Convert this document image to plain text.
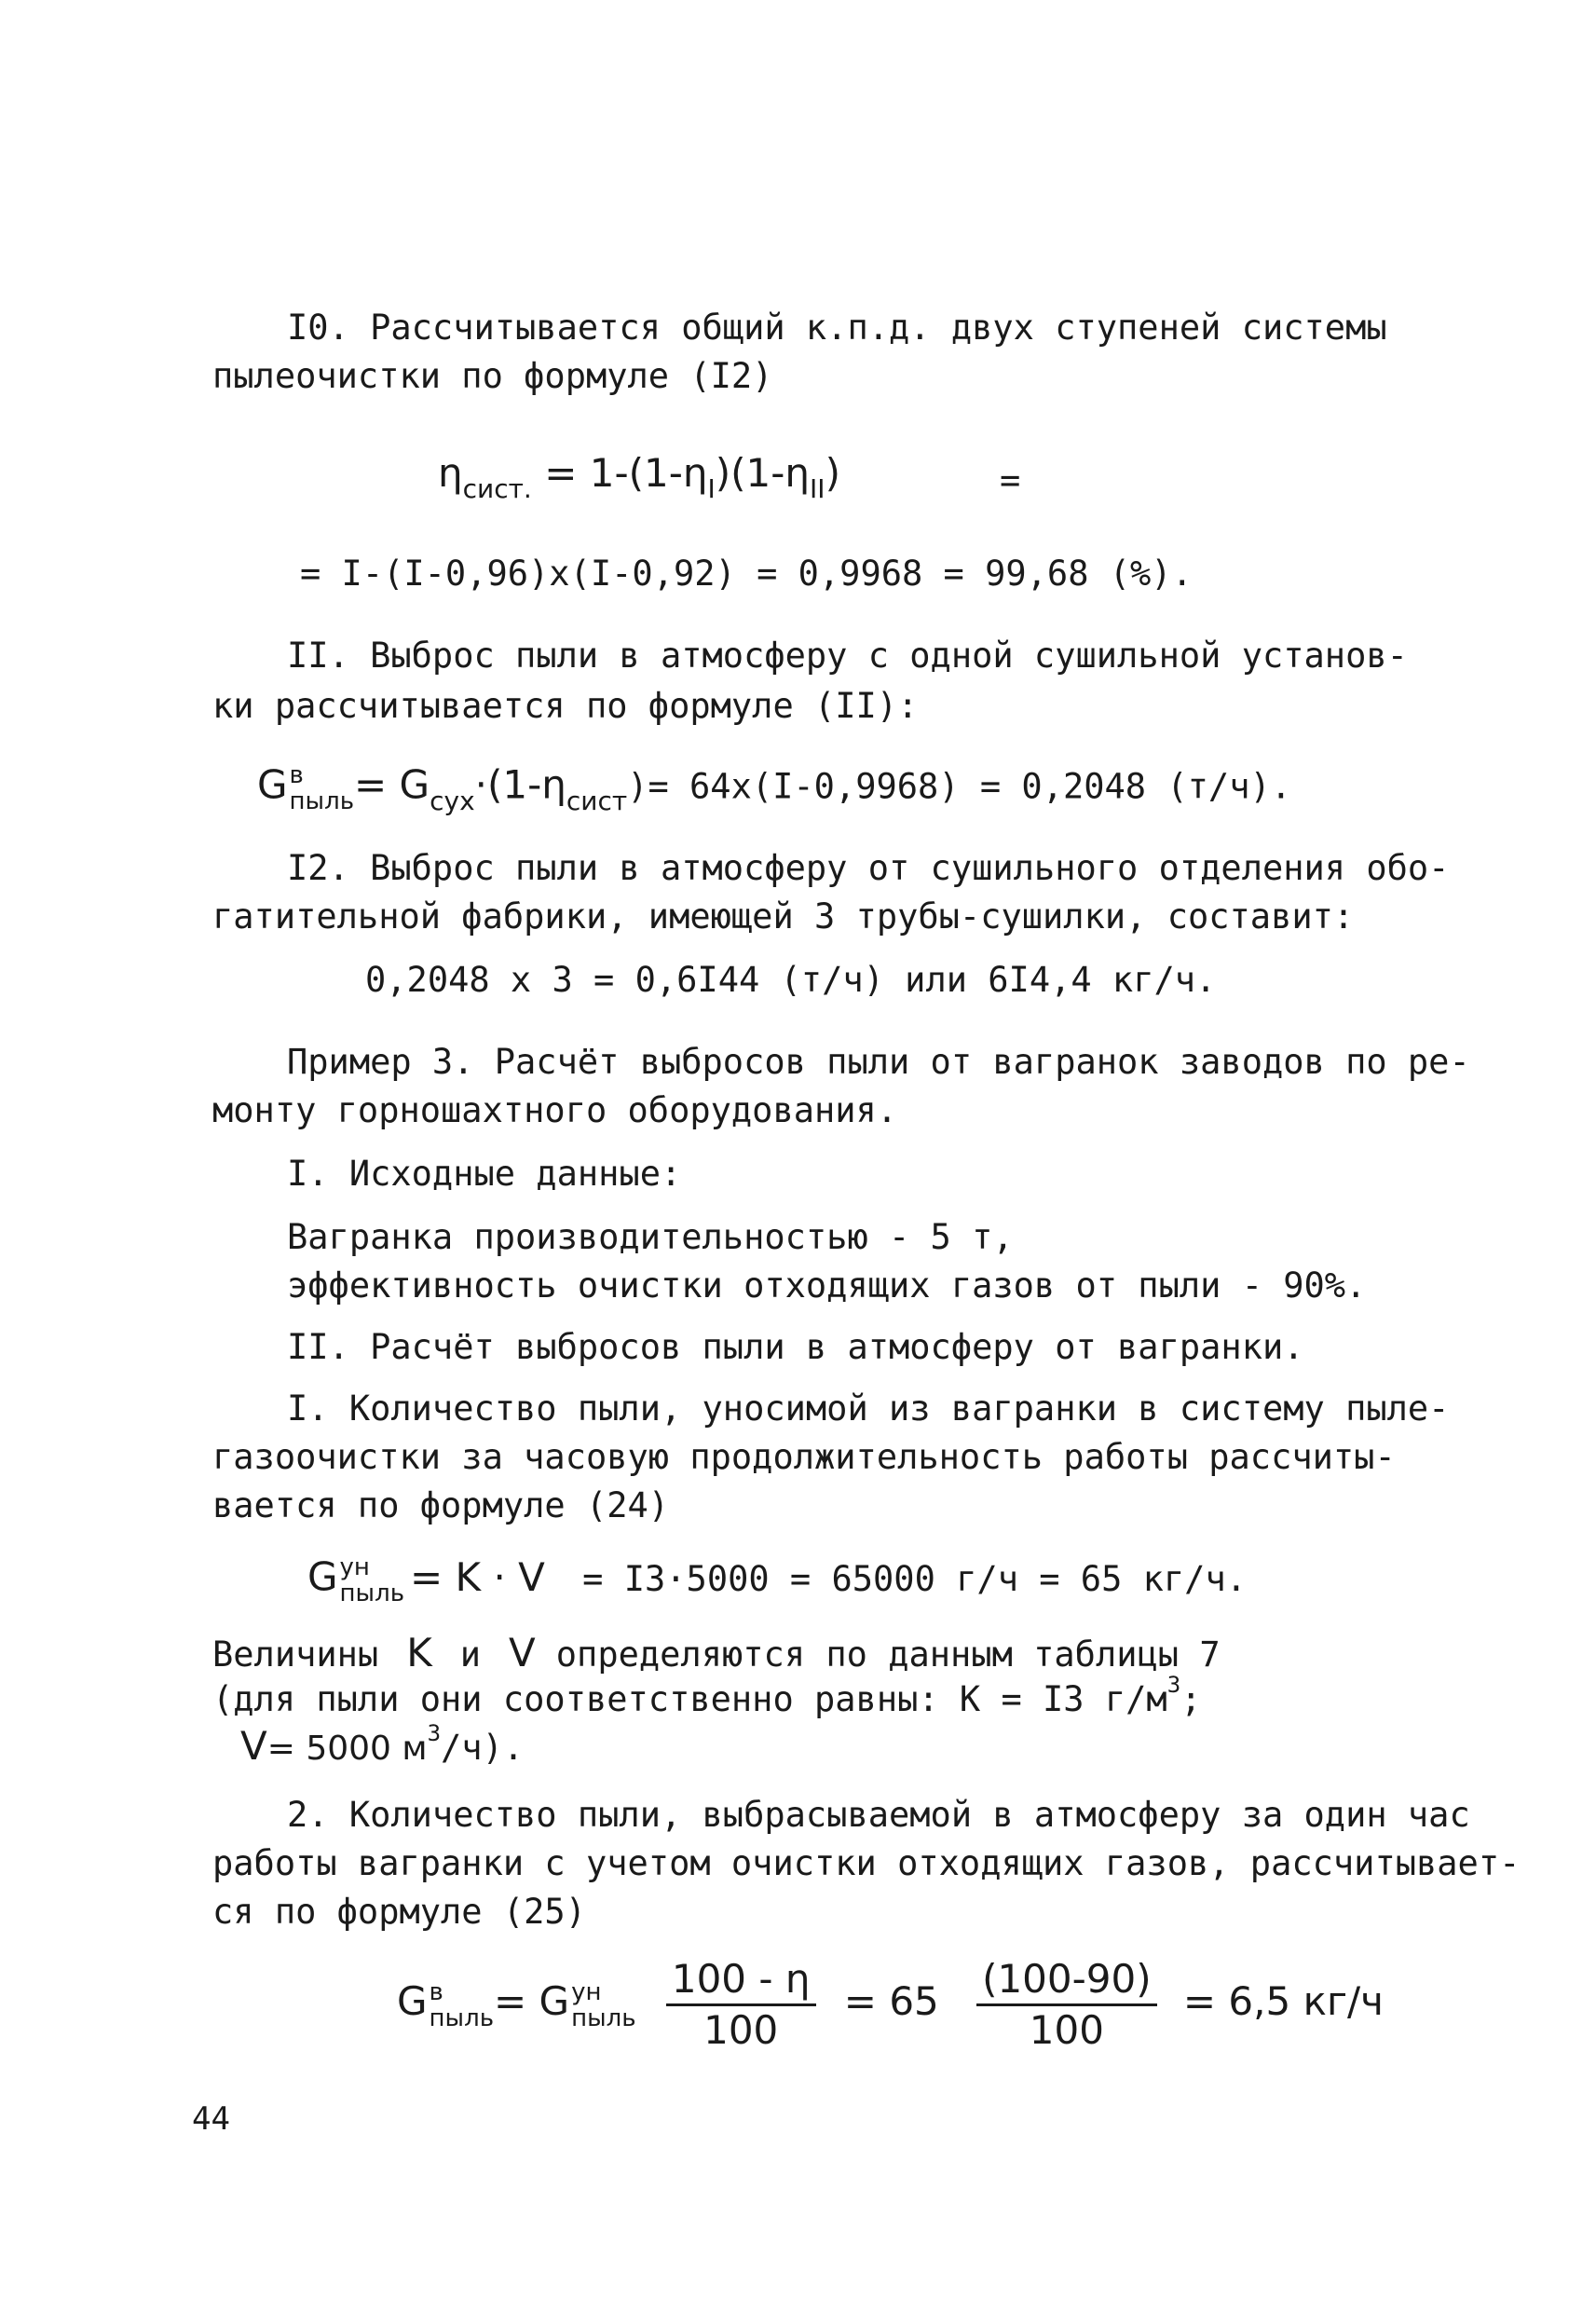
I0. Рассчитывается общий к.п.д. двух ступеней системы
пылеочистки по формуле (I2)
$\eta_{сист.} = 1-(1-\eta_I)(1-\eta_{II})$	=
= I-(I-0,96)x(I-0,92) = 0,9968 = 99,68 (%).
II. Выброс пыли в атмосферу с одной сушильной установ-
ки рассчитывается по формуле (II):
G в
пыль = $G_{сух}\cdot(1-\eta_{сист})= 64x(I-0,9968) = 0,2048$ (т/ч).
I2. Выброс пыли в атмосферу от сушильного отделения обо-
гатительной фабрики, имеющей 3 трубы-сушилки, составит:
0,2048 x 3 = 0,6I44 (т/ч) или 6I4,4 кг/ч.
Пример 3. Расчёт выбросов пыли от вагранок заводов по ре-
монту горношахтного оборудования.
I. Исходные данные:
Вагранка производительностью - 5 т,
эффективность очистки отходящих газов от пыли - 90%.
II. Расчёт выбросов пыли в атмосферу от вагранки.
I. Количество пыли, уносимой из вагранки в систему пыле-
газоочистки за часовую продолжительность работы рассчиты-
вается по формуле (24)
G ун
пыль = K · V = I3·5000 = 65000 г/ч = 65 кг/ч.
Величины K и V определяются по данным таблицы 7
(для пыли они соответственно равны: K = I3 $г/м^3$;
V= 5000 $м^3/ч$).
2. Количество пыли, выбрасываемой в атмосферу за один час
работы вагранки с учетом очистки отходящих газов, рассчитывает-
ся по формуле (25)
G в
пыль = G ун
пыль
$\frac{100 - \eta}{100} = 65 \frac{(100-90)}{100} = 6,5$ кг/ч
44
